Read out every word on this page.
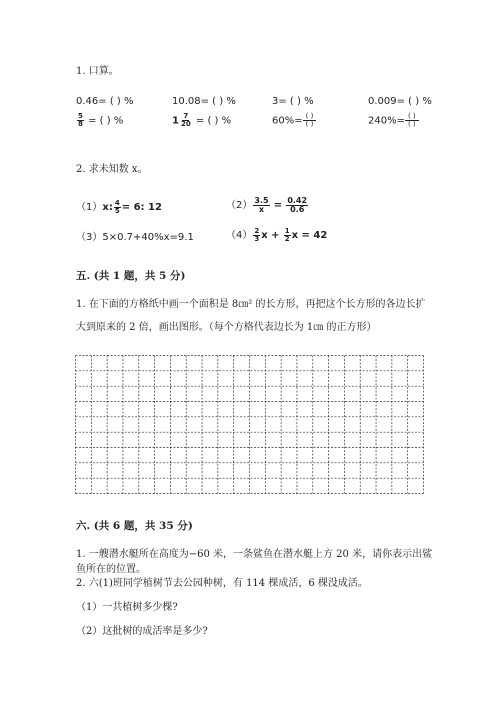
1. 口算。
0.46= ( ) %	10.08= ( ) %	3= ( ) %	0.009= ( ) %
$\frac{5}{8}$ = ( ) %	$1 \frac{7}{20}$ = ( ) %	$60\%= \frac{( )}{( )}$	$240\%= \frac{( )}{( )}$
2. 求未知数 x。
（1）x: $\frac{4}{5} = 6$: 12	$(2) \frac{3.5}{x} = \frac{0.42}{0.6}$
（3）5×0.7+40%x=9.1	$(4) \frac{2}{3}$ $x + \frac{1}{2}$ x = 42
五. (共 1 题，共 5 分)
1. 在下面的方格纸中画一个面积是 8㎝² 的长方形，再把这个长方形的各边长扩
大到原来的 2 倍，画出图形。（每个方格代表边长为 1㎝ 的正方形）
六. (共 6 题，共 35 分)
1. 一艘潜水艇所在高度为−60 米，一条鲨鱼在潜水艇上方 20 米，请你表示出鲨
鱼所在的位置。
2. 六(1)班同学植树节去公园种树，有 114 棵成活，6 棵没成活。
（1）一共植树多少棵?
（2）这批树的成活率是多少?
